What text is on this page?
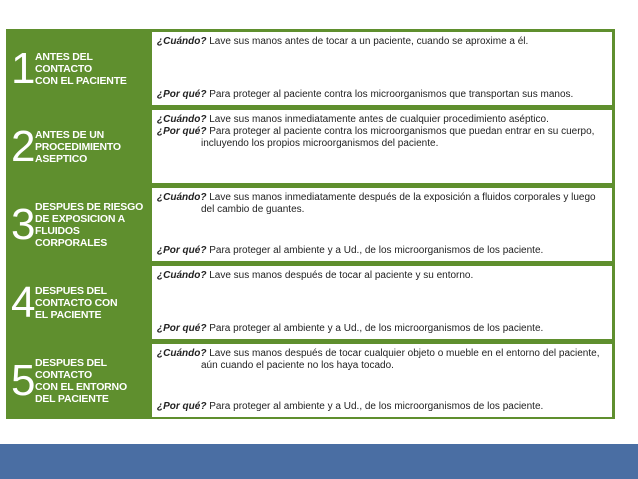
1 ANTES DEL
CONTACTO
CON EL PACIENTE
¿Cuándo? Lave sus manos antes de tocar a un paciente, cuando se aproxime a él.
¿Por qué? Para proteger al paciente contra los microorganismos que transportan sus manos.
2 ANTES DE UN
PROCEDIMIENTO
ASEPTICO
¿Cuándo? Lave sus manos inmediatamente antes de cualquier procedimiento aséptico.
¿Por qué? Para proteger al paciente contra los microorganismos que puedan entrar en su cuerpo,
incluyendo los propios microorganismos del paciente.
3 DESPUES DE RIESGO
DE EXPOSICION A
FLUIDOS CORPORALES
¿Cuándo? Lave sus manos inmediatamente después de la exposición a fluidos corporales y luego
del cambio de guantes.
¿Por qué? Para proteger al ambiente y a Ud., de los microorganismos de los paciente.
4 DESPUES DEL
CONTACTO CON
EL PACIENTE
¿Cuándo? Lave sus manos después de tocar al paciente y su entorno.
¿Por qué? Para proteger al ambiente y a Ud., de los microorganismos de los paciente.
5 DESPUES DEL CONTACTO
CON EL ENTORNO
DEL PACIENTE
¿Cuándo? Lave sus manos después de tocar cualquier objeto o mueble en el entorno del paciente,
aún cuando el paciente no los haya tocado.
¿Por qué? Para proteger al ambiente y a Ud., de los microorganismos de los paciente.
